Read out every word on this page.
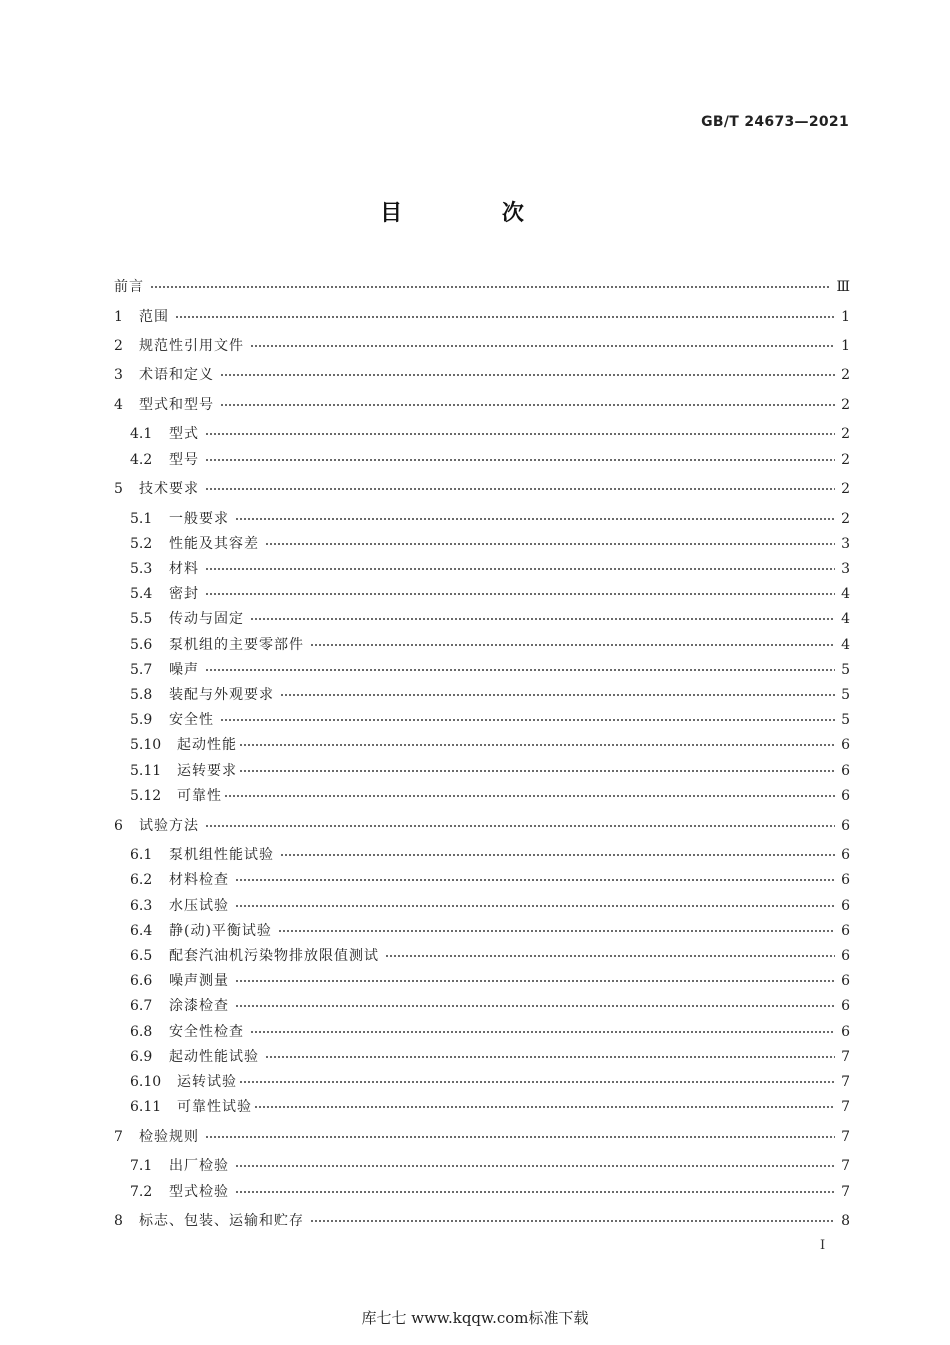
GB/T 24673—2021
目 次
前言	Ⅲ
1	范围	1
2	规范性引用文件	1
3	术语和定义	2
4	型式和型号	2
4.1	型式	2
4.2	型号	2
5	技术要求	2
5.1	一般要求	2
5.2	性能及其容差	3
5.3	材料	3
5.4	密封	4
5.5	传动与固定	4
5.6	泵机组的主要零部件	4
5.7	噪声	5
5.8	装配与外观要求	5
5.9	安全性	5
5.10	起动性能	6
5.11	运转要求	6
5.12	可靠性	6
6	试验方法	6
6.1	泵机组性能试验	6
6.2	材料检查	6
6.3	水压试验	6
6.4	静(动)平衡试验	6
6.5	配套汽油机污染物排放限值测试	6
6.6	噪声测量	6
6.7	涂漆检查	6
6.8	安全性检查	6
6.9	起动性能试验	7
6.10	运转试验	7
6.11	可靠性试验	7
7	检验规则	7
7.1	出厂检验	7
7.2	型式检验	7
8	标志、包装、运输和贮存	8
I
库七七 www.kqqw.com标准下载
